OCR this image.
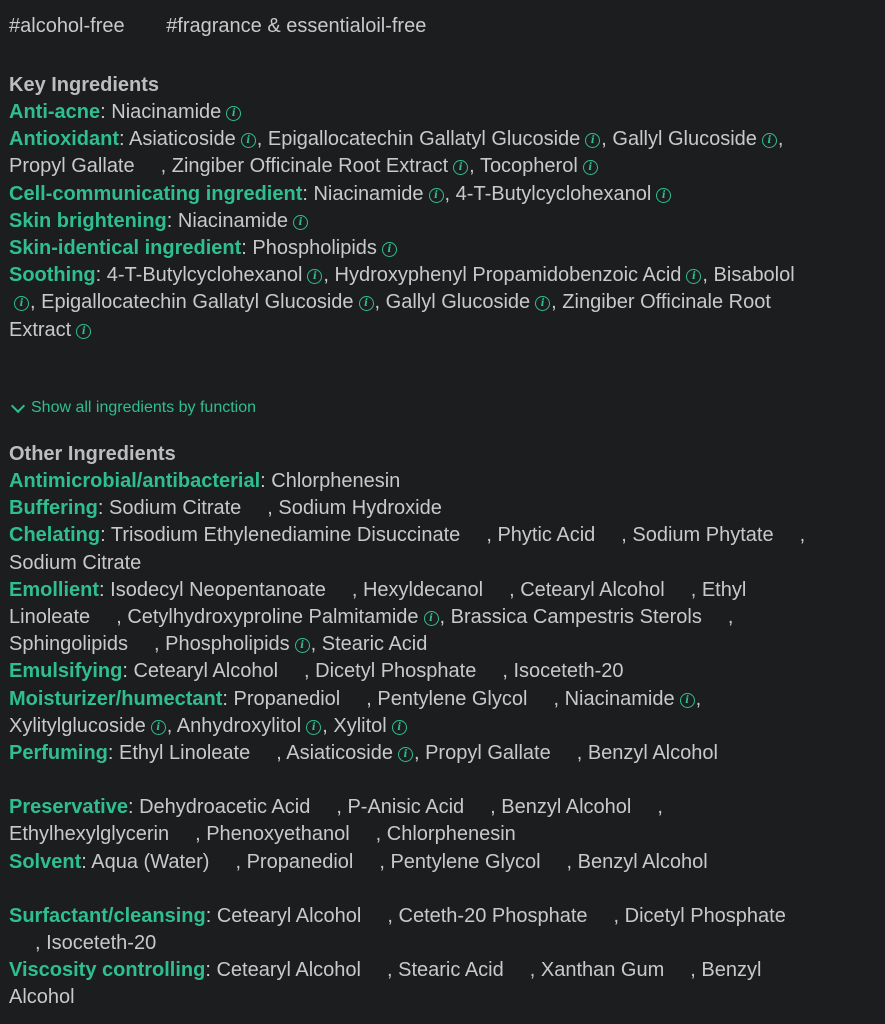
#alcohol-free #fragrance & essentialoil-free
Key Ingredients
Anti-acne: Niacinamide i
Antioxidant: Asiaticoside i , Epigallocatechin Gallatyl Glucoside i , Gallyl Glucoside i , Propyl Gallate , Zingiber Officinale Root Extract i , Tocopherol i
Cell-communicating ingredient: Niacinamide i , 4-T-Butylcyclohexanol i
Skin brightening: Niacinamide i
Skin-identical ingredient: Phospholipids i
Soothing: 4-T-Butylcyclohexanol i , Hydroxyphenyl Propamidobenzoic Acid i , Bisabololi , Epigallocatechin Gallatyl Glucoside i , Gallyl Glucoside i , Zingiber Officinale Root Extract i
Show all ingredients by function
Other Ingredients
Antimicrobial/antibacterial: Chlorphenesin
Buffering: Sodium Citrate , Sodium Hydroxide
Chelating: Trisodium Ethylenediamine Disuccinate , Phytic Acid , Sodium Phytate , Sodium Citrate
Emollient: Isodecyl Neopentanoate , Hexyldecanol , Cetearyl Alcohol , Ethyl Linoleate , Cetylhydroxyproline Palmitamide i , Brassica Campestris Sterols , Sphingolipids , Phospholipids i , Stearic Acid
Emulsifying: Cetearyl Alcohol , Dicetyl Phosphate , Isoceteth-20
Moisturizer/humectant: Propanediol , Pentylene Glycol , Niacinamide i , Xylitylglucoside i , Anhydroxylitol i , Xylitol i
Perfuming: Ethyl Linoleate , Asiaticoside i , Propyl Gallate , Benzyl Alcohol
Preservative: Dehydroacetic Acid , P-Anisic Acid , Benzyl Alcohol , Ethylhexylglycerin , Phenoxyethanol , Chlorphenesin
Solvent: Aqua (Water) , Propanediol , Pentylene Glycol , Benzyl Alcohol
Surfactant/cleansing: Cetearyl Alcohol , Ceteth-20 Phosphate , Dicetyl Phosphate, Isoceteth-20
Viscosity controlling: Cetearyl Alcohol , Stearic Acid , Xanthan Gum , Benzyl Alcohol
